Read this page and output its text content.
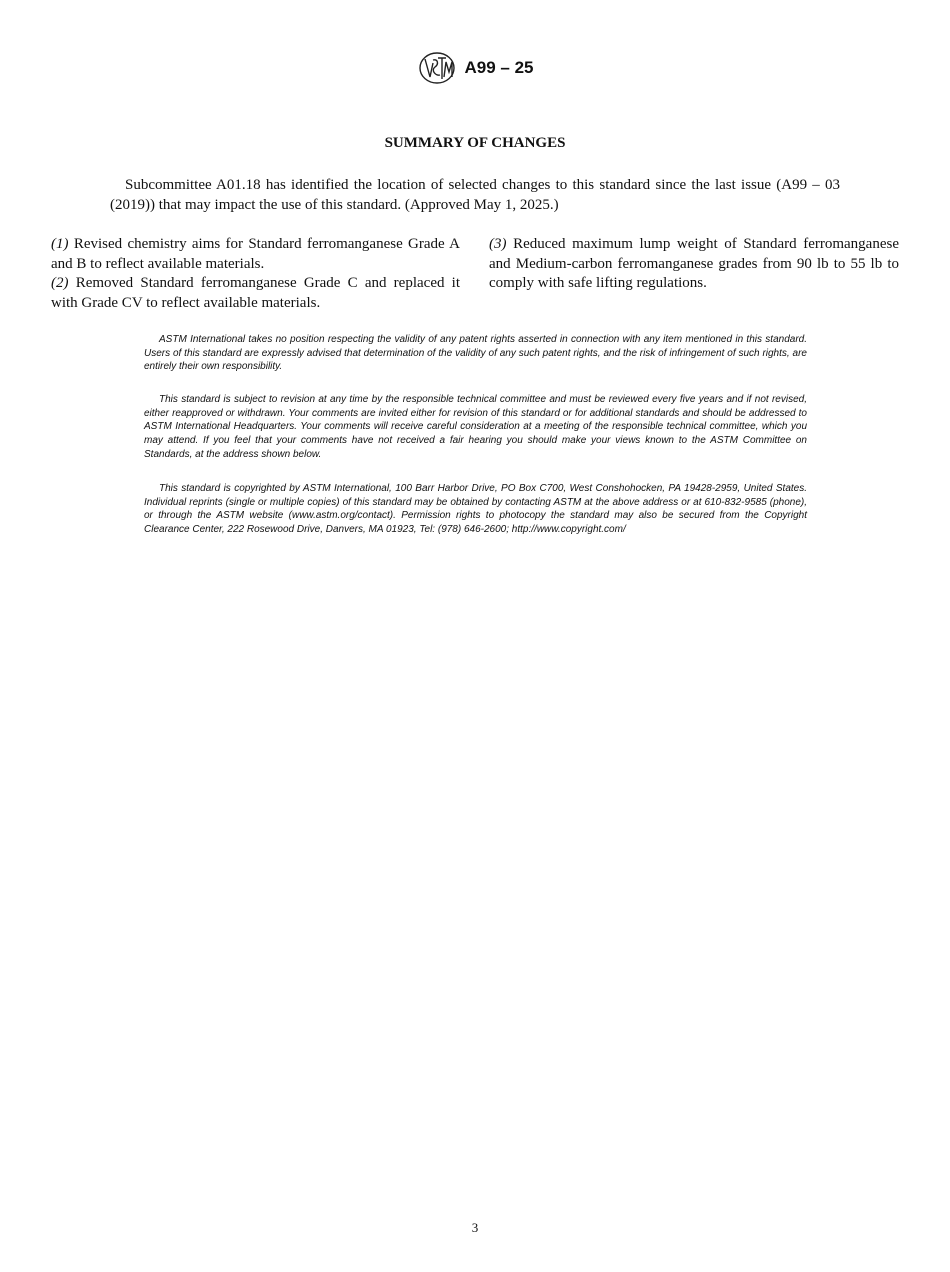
A99 – 25
SUMMARY OF CHANGES

Subcommittee A01.18 has identified the location of selected changes to this standard since the last issue (A99 – 03 (2019)) that may impact the use of this standard. (Approved May 1, 2025.)

(1) Revised chemistry aims for Standard ferromanganese Grade A and B to reflect available materials.

(2) Removed Standard ferromanganese Grade C and replaced it with Grade CV to reflect available materials.

(3) Reduced maximum lump weight of Standard ferromanganese and Medium-carbon ferromanganese grades from 90 lb to 55 lb to comply with safe lifting regulations.

ASTM International takes no position respecting the validity of any patent rights asserted in connection with any item mentioned in this standard. Users of this standard are expressly advised that determination of the validity of any such patent rights, and the risk of infringement of such rights, are entirely their own responsibility.

This standard is subject to revision at any time by the responsible technical committee and must be reviewed every five years and if not revised, either reapproved or withdrawn. Your comments are invited either for revision of this standard or for additional standards and should be addressed to ASTM International Headquarters. Your comments will receive careful consideration at a meeting of the responsible technical committee, which you may attend. If you feel that your comments have not received a fair hearing you should make your views known to the ASTM Committee on Standards, at the address shown below.

This standard is copyrighted by ASTM International, 100 Barr Harbor Drive, PO Box C700, West Conshohocken, PA 19428-2959, United States. Individual reprints (single or multiple copies) of this standard may be obtained by contacting ASTM at the above address or at 610-832-9585 (phone), or through the ASTM website (www.astm.org/contact). Permission rights to photocopy the standard may also be secured from the Copyright Clearance Center, 222 Rosewood Drive, Danvers, MA 01923, Tel: (978) 646-2600; http://www.copyright.com/

3
